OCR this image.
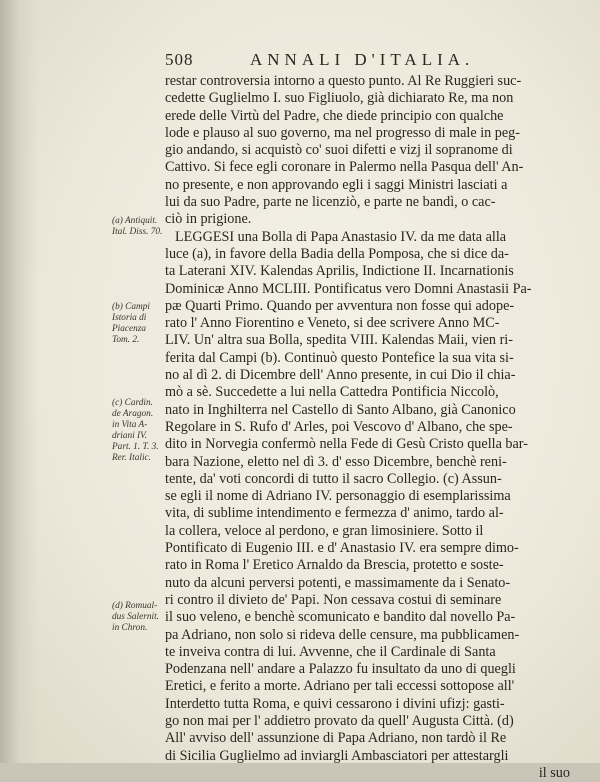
508	ANNALI D'ITALIA.
restar controversia intorno a questo punto. Al Re Ruggieri suc-
cedette Guglielmo I. suo Figliuolo, già dichiarato Re, ma non
erede delle Virtù del Padre, che diede principio con qualche
lode e plauso al suo governo, ma nel progresso di male in peg-
gio andando, si acquistò co' suoi difetti e vizj il sopranome di
Cattivo. Si fece egli coronare in Palermo nella Pasqua dell' An-
no presente, e non approvando egli i saggi Ministri lasciati a
lui da suo Padre, parte ne licenziò, e parte ne bandì, o cac-
ciò in prigione.
LEGGESI una Bolla di Papa Anastasio IV. da me data alla
luce (a), in favore della Badia della Pomposa, che si dice da-
ta Laterani XIV. Kalendas Aprilis, Indictione II. Incarnationis
Dominicæ Anno MCLIII. Pontificatus vero Domni Anastasii Pa-
pæ Quarti Primo. Quando per avventura non fosse qui adope-
rato l' Anno Fiorentino e Veneto, si dee scrivere Anno MC-
LIV. Un' altra sua Bolla, spedita VIII. Kalendas Maii, vien ri-
ferita dal Campi (b). Continuò questo Pontefice la sua vita si-
no al dì 2. di Dicembre dell' Anno presente, in cui Dio il chia-
mò a sè. Succedette a lui nella Cattedra Pontificia Niccolò,
nato in Inghilterra nel Castello di Santo Albano, già Canonico
Regolare in S. Rufo d' Arles, poi Vescovo d' Albano, che spe-
dito in Norvegia confermò nella Fede di Gesù Cristo quella bar-
bara Nazione, eletto nel dì 3. d' esso Dicembre, benchè reni-
tente, da' voti concordi di tutto il sacro Collegio. (c) Assun-
se egli il nome di Adriano IV. personaggio di esemplarissima
vita, di sublime intendimento e fermezza d' animo, tardo al-
la collera, veloce al perdono, e gran limosiniere. Sotto il
Pontificato di Eugenio III. e d' Anastasio IV. era sempre dimo-
rato in Roma l' Eretico Arnaldo da Brescia, protetto e soste-
nuto da alcuni perversi potenti, e massimamente da i Senato-
ri contro il divieto de' Papi. Non cessava costui di seminare
il suo veleno, e benchè scomunicato e bandito dal novello Pa-
pa Adriano, non solo si rideva delle censure, ma pubblicamen-
te inveiva contra di lui. Avvenne, che il Cardinale di Santa
Podenzana nell' andare a Palazzo fu insultato da uno di quegli
Eretici, e ferito a morte. Adriano per tali eccessi sottopose all'
Interdetto tutta Roma, e quivi cessarono i divini ufizj: gasti-
go non mai per l' addietro provato da quell' Augusta Città. (d)
All' avviso dell' assunzione di Papa Adriano, non tardò il Re
di Sicilia Guglielmo ad inviargli Ambasciatori per attestargli
il suo
(a) Antiquit.
Ital. Diss. 70.
(b) Campi
Istoria di
Piacenza
Tom. 2.
(c) Cardin.
de Aragon.
in Vita A-
driani IV.
Part. 1. T. 3.
Rer. Italic.
(d) Romual-
dus Salernit.
in Chron.
